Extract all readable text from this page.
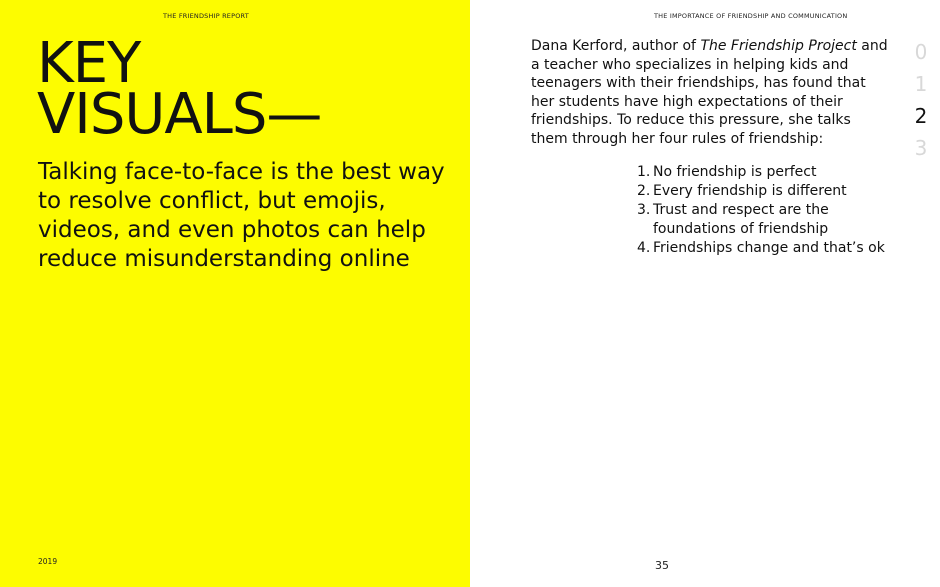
THE FRIENDSHIP REPORT
KEY
VISUALS—

Talking face-to-face is the best way to resolve conflict, but emojis, videos, and even photos can help reduce misunderstanding online

2019
THE IMPORTANCE OF FRIENDSHIP AND COMMUNICATION

Dana Kerford, author of The Friendship Project and a teacher who specializes in helping kids and teenagers with their friendships, has found that her students have high expectations of their friendships. To reduce this pressure, she talks them through her four rules of friendship:

1. No friendship is perfect
2. Every friendship is different
3. Trust and respect are the foundations of friendship
4. Friendships change and that’s ok
35
0
1
2
3
